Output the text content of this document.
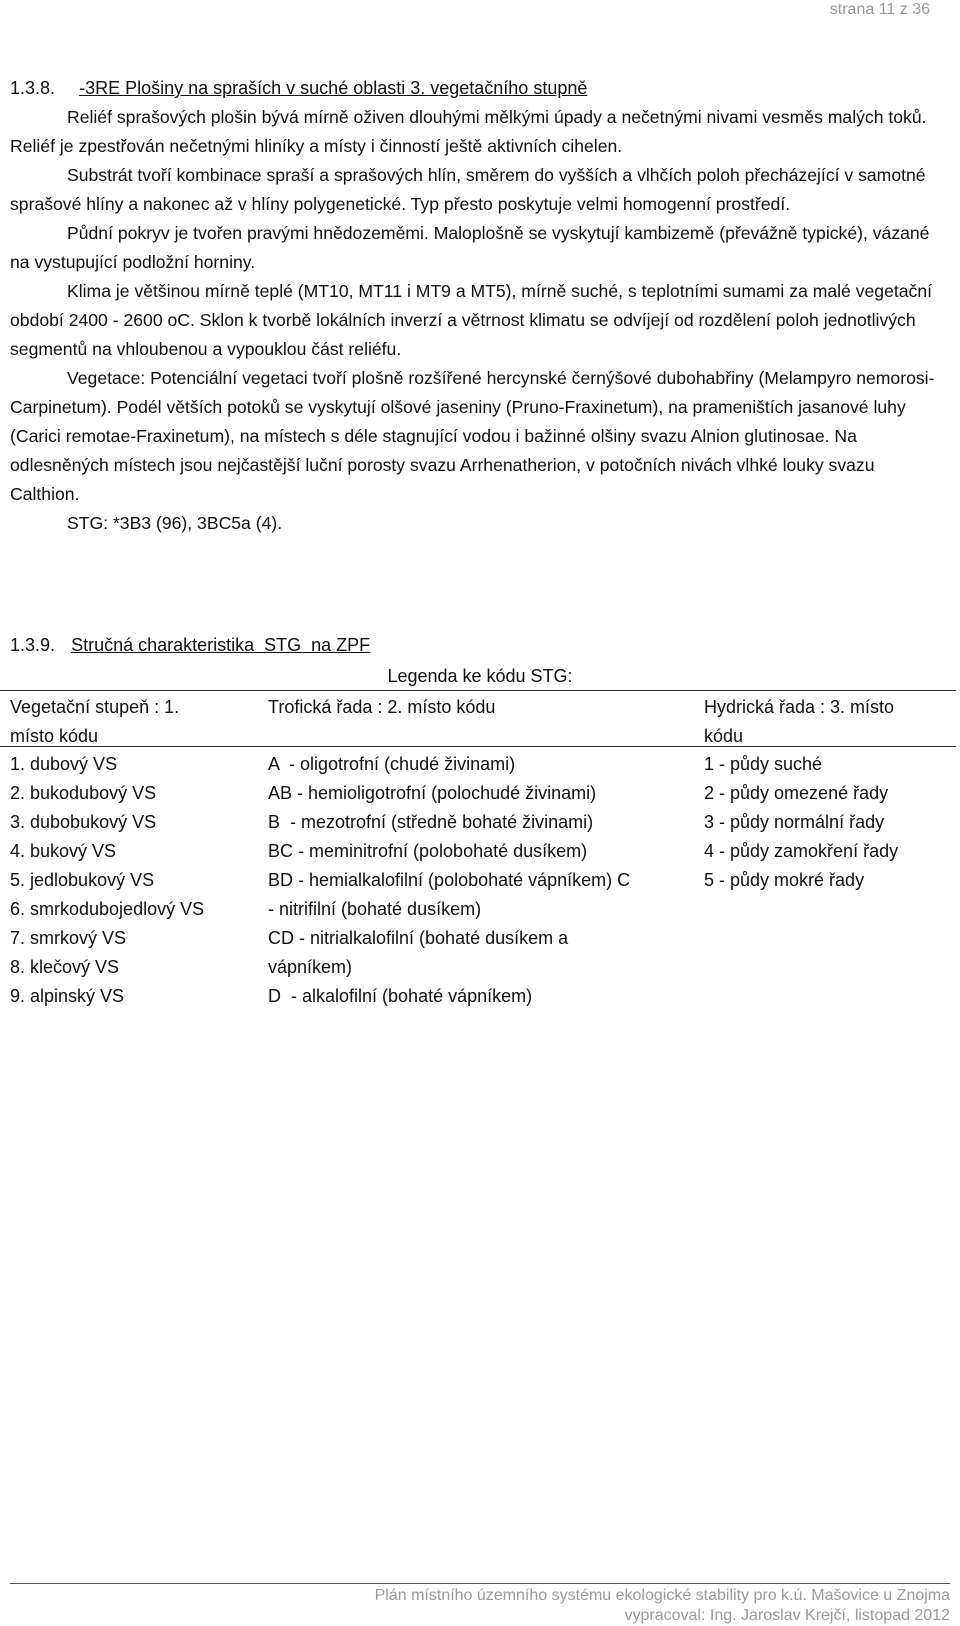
strana 11 z 36
1.3.8. -3RE Plošiny na spraších v suché oblasti 3. vegetačního stupně

Reliéf sprašových plošin bývá mírně oživen dlouhými mělkými úpady a nečetnými nivami vesměs malých toků. Reliéf je zpestřován nečetnými hliníky a místy i činností ještě aktivních cihelen.

Substrát tvoří kombinace spraší a sprašových hlín, směrem do vyšších a vlhčích poloh přecházející v samotné sprašové hlíny a nakonec až v hlíny polygenetické. Typ přesto poskytuje velmi homogenní prostředí.

Půdní pokryv je tvořen pravými hnědozeměmi. Maloplošně se vyskytují kambizemě (převážně typické), vázané na vystupující podložní horniny.

Klima je většinou mírně teplé (MT10, MT11 i MT9 a MT5), mírně suché, s teplotními sumami za malé vegetační období 2400 - 2600 oC. Sklon k tvorbě lokálních inverzí a větrnost klimatu se odvíjejí od rozdělení poloh jednotlivých segmentů na vhloubenou a vypouklou část reliéfu.

Vegetace: Potenciální vegetaci tvoří plošně rozšířené hercynské černýšové dubohabřiny (Melampyro nemorosi-Carpinetum). Podél větších potoků se vyskytují olšové jaseniny (Pruno-Fraxinetum), na prameništích jasanové luhy (Carici remotae-Fraxinetum), na místech s déle stagnující vodou i bažinné olšiny svazu Alnion glutinosae. Na odlesněných místech jsou nejčastější luční porosty svazu Arrhenatherion, v potočních nivách vlhké louky svazu Calthion.

STG: *3B3 (96), 3BC5a (4).

1.3.9. Stručná charakteristika  STG  na ZPF
Legenda ke kódu STG:
Vegetační stupeň : 1.
místo kódu
Trofická řada : 2. místo kódu	Hydrická řada : 3. místo
kódu
1. dubový VS
2. bukodubový VS
3. dubobukový VS
4. bukový VS
5. jedlobukový VS
6. smrkodubojedlový VS
7. smrkový VS
8. klečový VS
9. alpinský VS
A  - oligotrofní (chudé živinami)
AB - hemioligotrofní (polochudé živinami)
B  - mezotrofní (středně bohaté živinami)
BC - meminitrofní (polobohaté dusíkem)
BD - hemialkalofilní (polobohaté vápníkem) C
- nitrifilní (bohaté dusíkem)
CD - nitrialkalofilní (bohaté dusíkem a
vápníkem)
D  - alkalofilní (bohaté vápníkem)
1 - půdy suché
2 - půdy omezené řady
3 - půdy normální řady
4 - půdy zamokření řady
5 - půdy mokré řady
Plán místního územního systému ekologické stability pro k.ú. Mašovice u Znojma
vypracoval: Ing. Jaroslav Krejčí, listopad 2012
